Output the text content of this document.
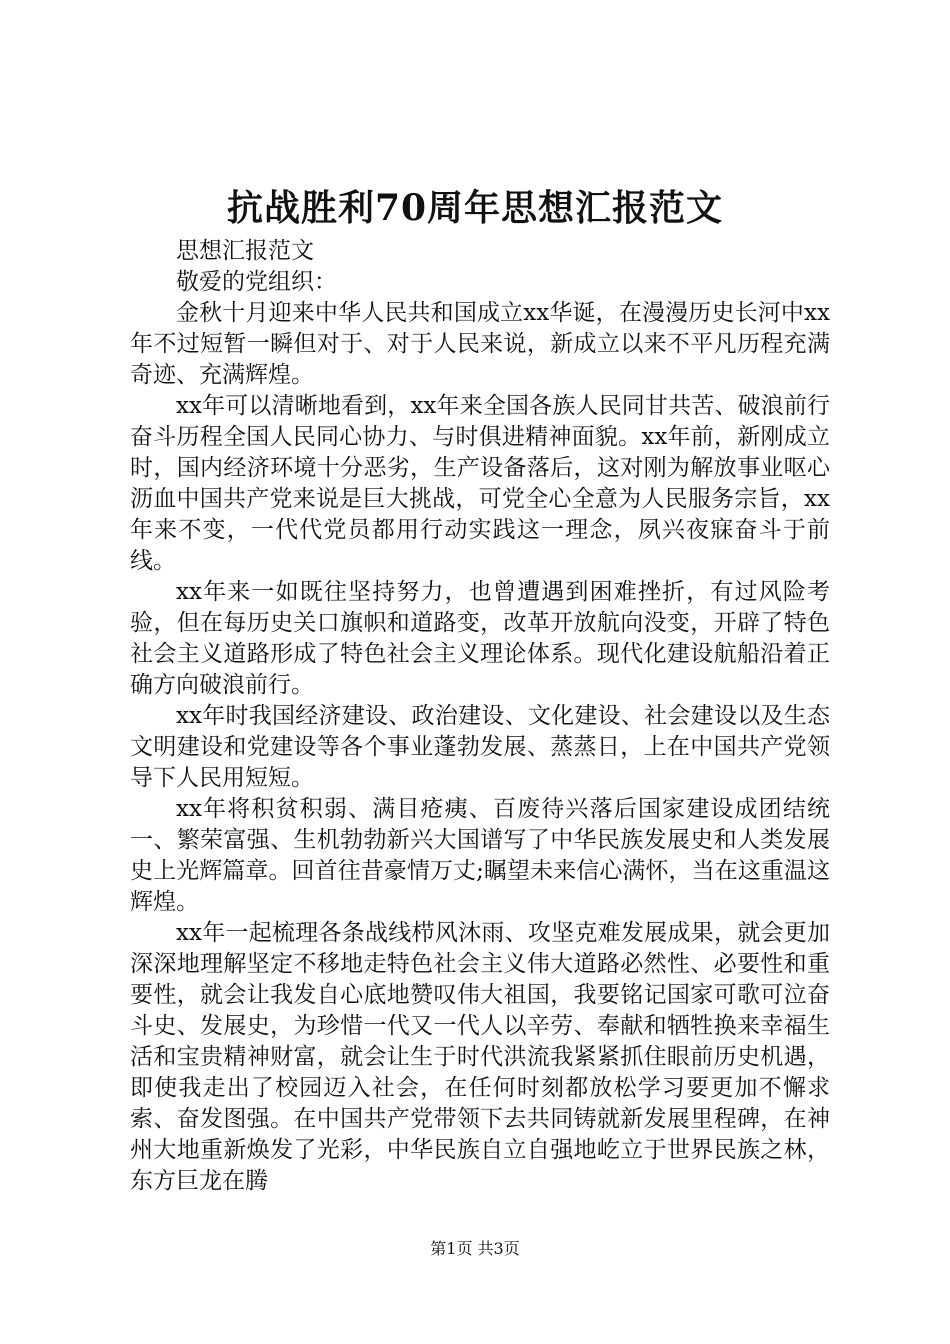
抗战胜利70周年思想汇报范文

思想汇报范文

敬爱的党组织：

金秋十月迎来中华人民共和国成立xx华诞，在漫漫历史长河中xx年不过短暂一瞬但对于、对于人民来说，新成立以来不平凡历程充满奇迹、充满辉煌。

xx年可以清晰地看到，xx年来全国各族人民同甘共苦、破浪前行奋斗历程全国人民同心协力、与时俱进精神面貌。xx年前，新刚成立时，国内经济环境十分恶劣，生产设备落后，这对刚为解放事业呕心沥血中国共产党来说是巨大挑战，可党全心全意为人民服务宗旨，xx年来不变，一代代党员都用行动实践这一理念，夙兴夜寐奋斗于前线。

xx年来一如既往坚持努力，也曾遭遇到困难挫折，有过风险考验，但在每历史关口旗帜和道路变，改革开放航向没变，开辟了特色社会主义道路形成了特色社会主义理论体系。现代化建设航船沿着正确方向破浪前行。

xx年时我国经济建设、政治建设、文化建设、社会建设以及生态文明建设和党建设等各个事业蓬勃发展、蒸蒸日，上在中国共产党领导下人民用短短。

xx年将积贫积弱、满目疮痍、百废待兴落后国家建设成团结统一、繁荣富强、生机勃勃新兴大国谱写了中华民族发展史和人类发展史上光辉篇章。回首往昔豪情万丈;瞩望未来信心满怀，当在这重温这辉煌。

xx年一起梳理各条战线栉风沐雨、攻坚克难发展成果，就会更加深深地理解坚定不移地走特色社会主义伟大道路必然性、必要性和重要性，就会让我发自心底地赞叹伟大祖国，我要铭记国家可歌可泣奋斗史、发展史，为珍惜一代又一代人以辛劳、奉献和牺牲换来幸福生活和宝贵精神财富，就会让生于时代洪流我紧紧抓住眼前历史机遇，即使我走出了校园迈入社会，在任何时刻都放松学习要更加不懈求索、奋发图强。在中国共产党带领下去共同铸就新发展里程碑，在神州大地重新焕发了光彩，中华民族自立自强地屹立于世界民族之林，东方巨龙在腾

第1页 共3页
